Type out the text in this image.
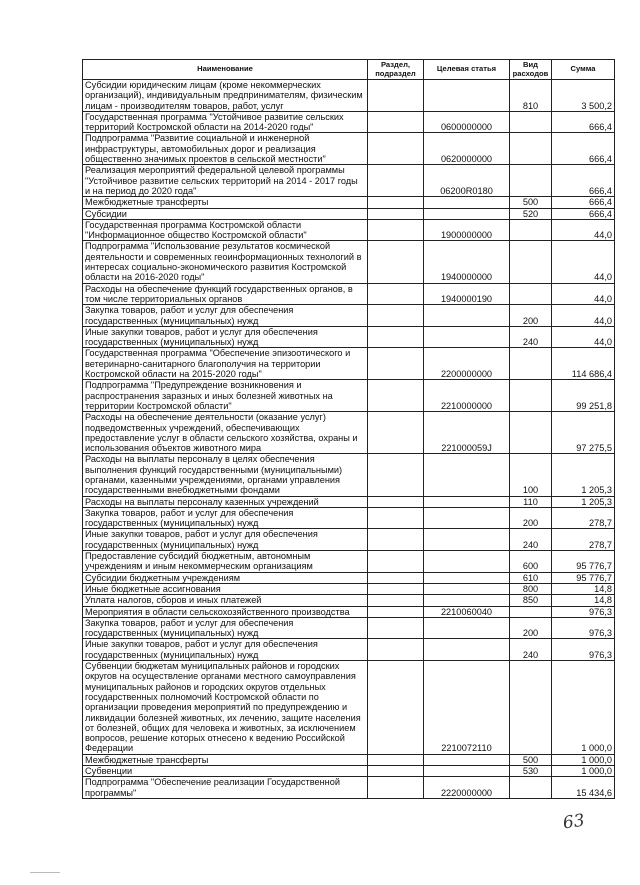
Наименование	Раздел, подраздел	Целевая статья	Вид расходов	Сумма
Субсидии юридическим лицам (кроме некоммерческих организаций), индивидуальным предпринимателям, физическим лицам - производителям товаров, работ, услуг			810	3 500,2
Государственная программа "Устойчивое развитие сельских территорий Костромской области на 2014-2020 годы"		0600000000		666,4
Подпрограмма "Развитие социальной и инженерной инфраструктуры, автомобильных дорог и реализация общественно значимых проектов в сельской местности"		0620000000		666,4
Реализация мероприятий федеральной целевой программы "Устойчивое развитие сельских территорий на 2014 - 2017 годы и на период до 2020 года"		06200R0180		666,4
Межбюджетные трансферты			500	666,4
Субсидии			520	666,4
Государственная программа Костромской области "Информационное общество Костромской области"		1900000000		44,0
Подпрограмма "Использование результатов космической деятельности и современных геоинформационных технологий в интересах социально-экономического развития Костромской области на 2016-2020 годы"		1940000000		44,0
Расходы на обеспечение функций государственных органов, в том числе территориальных органов		1940000190		44,0
Закупка товаров, работ и услуг для обеспечения государственных (муниципальных) нужд			200	44,0
Иные закупки товаров, работ и услуг для обеспечения государственных (муниципальных) нужд			240	44,0
Государственная программа "Обеспечение эпизоотического и ветеринарно-санитарного благополучия на территории Костромской области на 2015-2020 годы"		2200000000		114 686,4
Подпрограмма "Предупреждение возникновения и распространения заразных и иных болезней животных на территории Костромской области"		2210000000		99 251,8
Расходы на обеспечение деятельности (оказание услуг) подведомственных учреждений, обеспечивающих предоставление услуг в области сельского хозяйства, охраны и использования объектов животного мира		221000059J		97 275,5
Расходы на выплаты персоналу в целях обеспечения выполнения функций государственными (муниципальными) органами, казенными учреждениями, органами управления государственными внебюджетными фондами			100	1 205,3
Расходы на выплаты персоналу казенных учреждений			110	1 205,3
Закупка товаров, работ и услуг для обеспечения государственных (муниципальных) нужд			200	278,7
Иные закупки товаров, работ и услуг для обеспечения государственных (муниципальных) нужд			240	278,7
Предоставление субсидий бюджетным, автономным учреждениям и иным некоммерческим организациям			600	95 776,7
Субсидии бюджетным учреждениям			610	95 776,7
Иные бюджетные ассигнования			800	14,8
Уплата налогов, сборов и иных платежей			850	14,8
Мероприятия в области сельскохозяйственного производства		2210060040		976,3
Закупка товаров, работ и услуг для обеспечения государственных (муниципальных) нужд			200	976,3
Иные закупки товаров, работ и услуг для обеспечения государственных (муниципальных) нужд			240	976,3
Субвенции бюджетам муниципальных районов и городских округов на осуществление органами местного самоуправления муниципальных районов и городских округов отдельных государственных полномочий Костромской области по организации проведения мероприятий по предупреждению и ликвидации болезней животных, их лечению, защите населения от болезней, общих для человека и животных, за исключением вопросов, решение которых отнесено к ведению Российской Федерации		2210072110		1 000,0
Межбюджетные трансферты			500	1 000,0
Субвенции			530	1 000,0
Подпрограмма "Обеспечение реализации Государственной программы"		2220000000		15 434,6
63
